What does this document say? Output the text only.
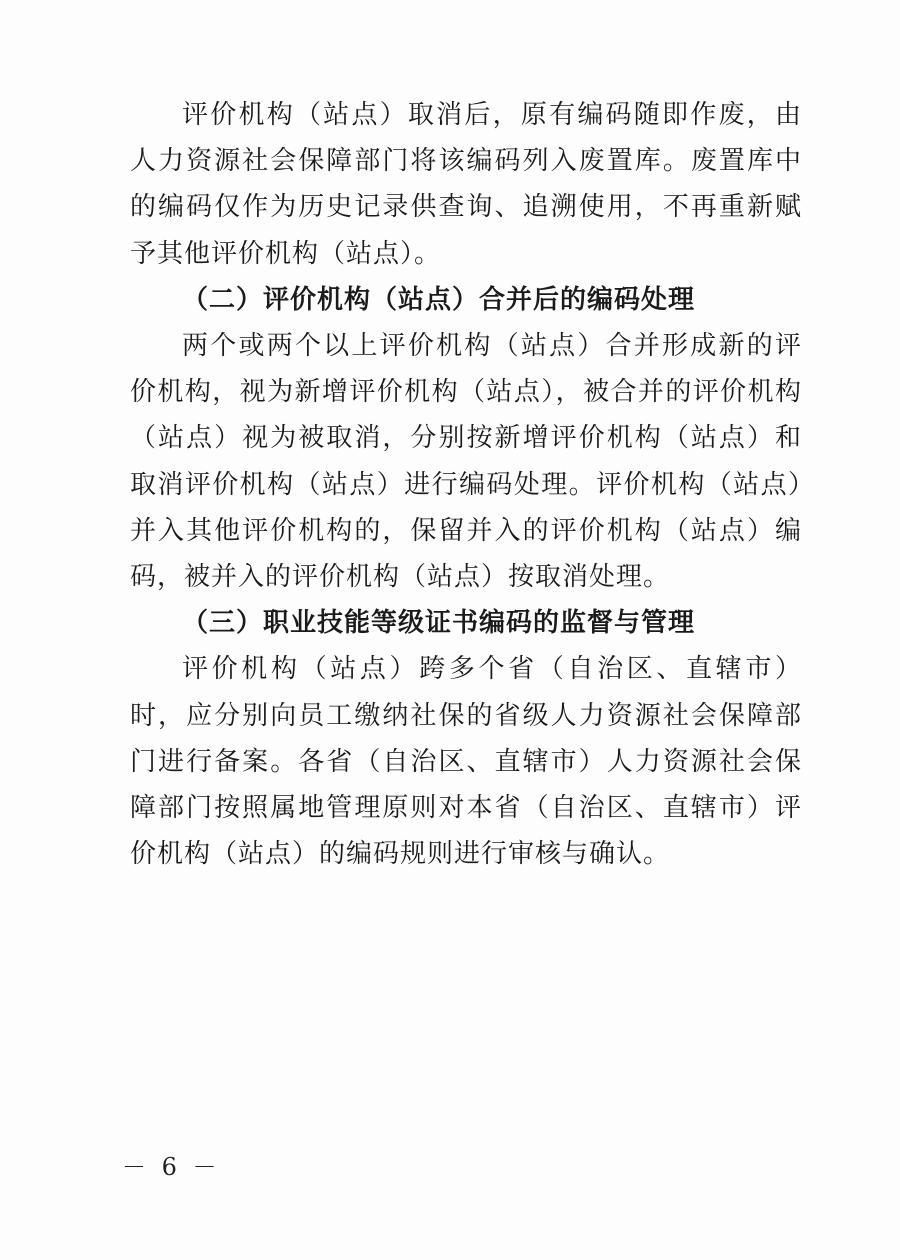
评价机构（站点）取消后，原有编码随即作废，由人力资源社会保障部门将该编码列入废置库。废置库中的编码仅作为历史记录供查询、追溯使用，不再重新赋予其他评价机构（站点）。

（二）评价机构（站点）合并后的编码处理

两个或两个以上评价机构（站点）合并形成新的评价机构，视为新增评价机构（站点），被合并的评价机构（站点）视为被取消，分别按新增评价机构（站点）和取消评价机构（站点）进行编码处理。评价机构（站点）并入其他评价机构的，保留并入的评价机构（站点）编码，被并入的评价机构（站点）按取消处理。

（三）职业技能等级证书编码的监督与管理

评价机构（站点）跨多个省（自治区、直辖市）时，应分别向员工缴纳社保的省级人力资源社会保障部门进行备案。各省（自治区、直辖市）人力资源社会保障部门按照属地管理原则对本省（自治区、直辖市）评价机构（站点）的编码规则进行审核与确认。

－ 6 －
